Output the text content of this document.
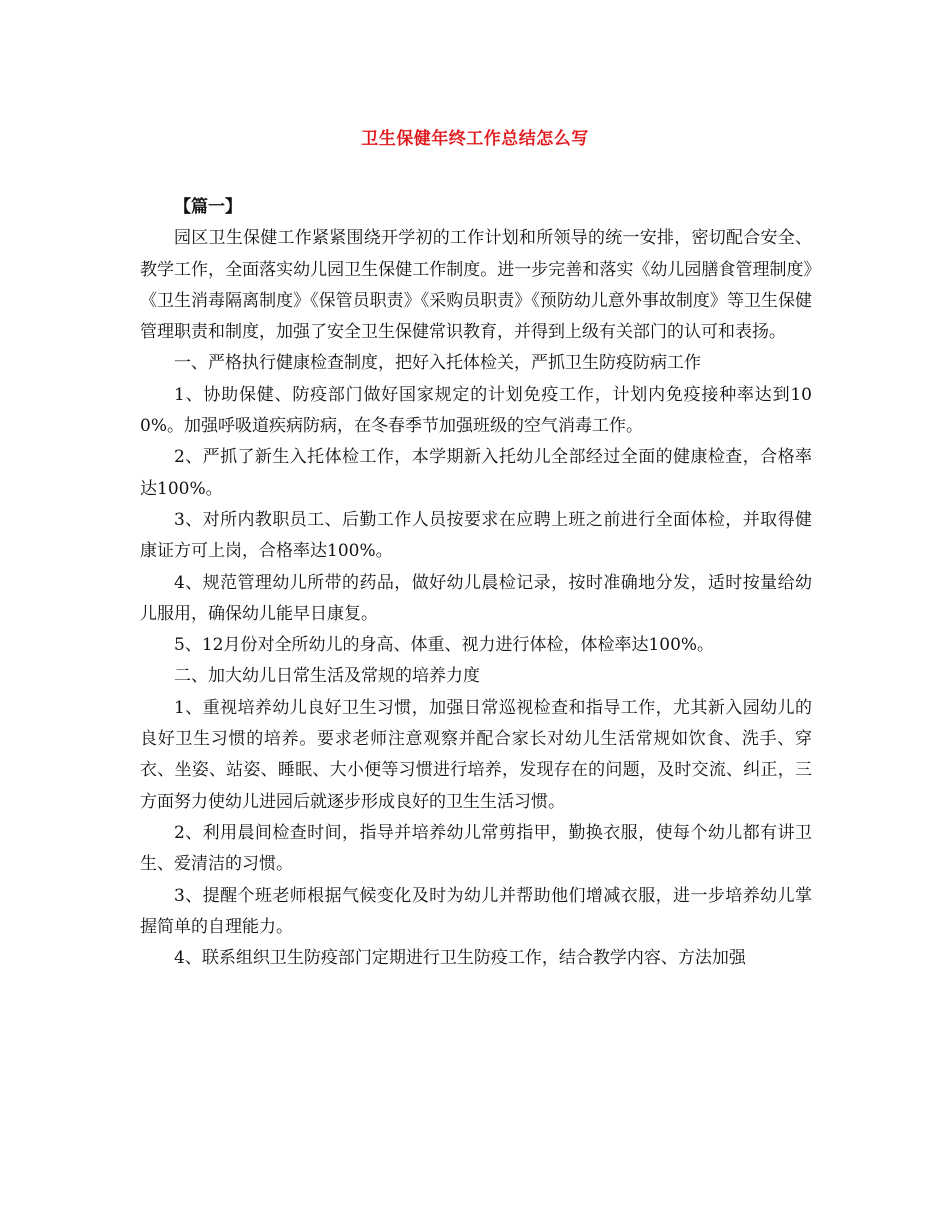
卫生保健年终工作总结怎么写

【篇一】

园区卫生保健工作紧紧围绕开学初的工作计划和所领导的统一安排，密切配合安全、教学工作，全面落实幼儿园卫生保健工作制度。进一步完善和落实《幼儿园膳食管理制度》《卫生消毒隔离制度》《保管员职责》《采购员职责》《预防幼儿意外事故制度》等卫生保健管理职责和制度，加强了安全卫生保健常识教育，并得到上级有关部门的认可和表扬。

一、严格执行健康检查制度，把好入托体检关，严抓卫生防疫防病工作

1、协助保健、防疫部门做好国家规定的计划免疫工作，计划内免疫接种率达到100%。加强呼吸道疾病防病，在冬春季节加强班级的空气消毒工作。

2、严抓了新生入托体检工作，本学期新入托幼儿全部经过全面的健康检查，合格率达100%。

3、对所内教职员工、后勤工作人员按要求在应聘上班之前进行全面体检，并取得健康证方可上岗，合格率达100%。

4、规范管理幼儿所带的药品，做好幼儿晨检记录，按时准确地分发，适时按量给幼儿服用，确保幼儿能早日康复。

5、12月份对全所幼儿的身高、体重、视力进行体检，体检率达100%。

二、加大幼儿日常生活及常规的培养力度

1、重视培养幼儿良好卫生习惯，加强日常巡视检查和指导工作，尤其新入园幼儿的良好卫生习惯的培养。要求老师注意观察并配合家长对幼儿生活常规如饮食、洗手、穿衣、坐姿、站姿、睡眠、大小便等习惯进行培养，发现存在的问题，及时交流、纠正，三方面努力使幼儿进园后就逐步形成良好的卫生生活习惯。

2、利用晨间检查时间，指导并培养幼儿常剪指甲，勤换衣服，使每个幼儿都有讲卫生、爱清洁的习惯。

3、提醒个班老师根据气候变化及时为幼儿并帮助他们增减衣服，进一步培养幼儿掌握简单的自理能力。

4、联系组织卫生防疫部门定期进行卫生防疫工作，结合教学内容、方法加强
